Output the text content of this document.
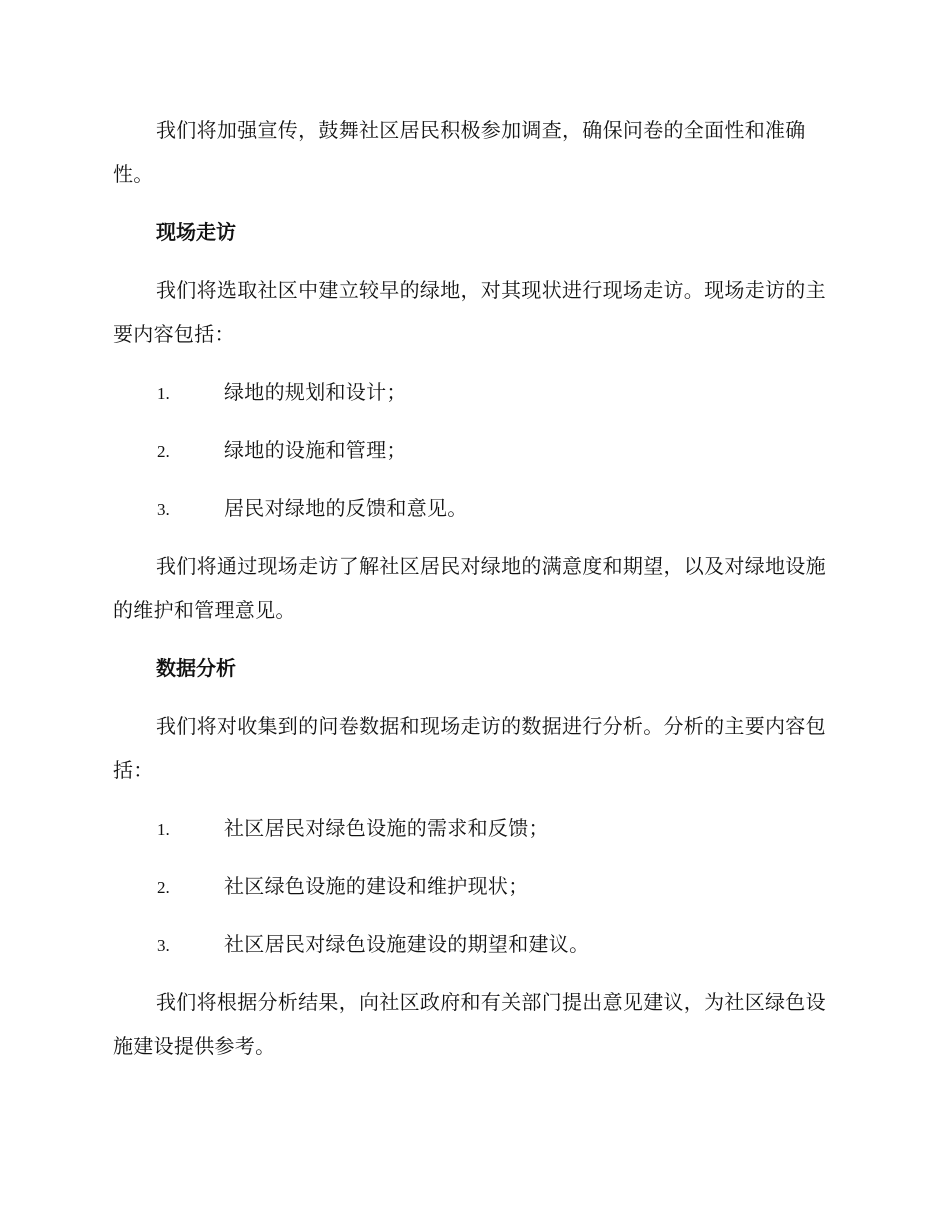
我们将加强宣传，鼓舞社区居民积极参加调查，确保问卷的全面性和准确性。

现场走访

我们将选取社区中建立较早的绿地，对其现状进行现场走访。现场走访的主要内容包括：

1.	绿地的规划和设计；
2.	绿地的设施和管理；
3.	居民对绿地的反馈和意见。

我们将通过现场走访了解社区居民对绿地的满意度和期望，以及对绿地设施的维护和管理意见。

数据分析

我们将对收集到的问卷数据和现场走访的数据进行分析。分析的主要内容包括：

1.	社区居民对绿色设施的需求和反馈；
2.	社区绿色设施的建设和维护现状；
3.	社区居民对绿色设施建设的期望和建议。

我们将根据分析结果，向社区政府和有关部门提出意见建议，为社区绿色设施建设提供参考。
